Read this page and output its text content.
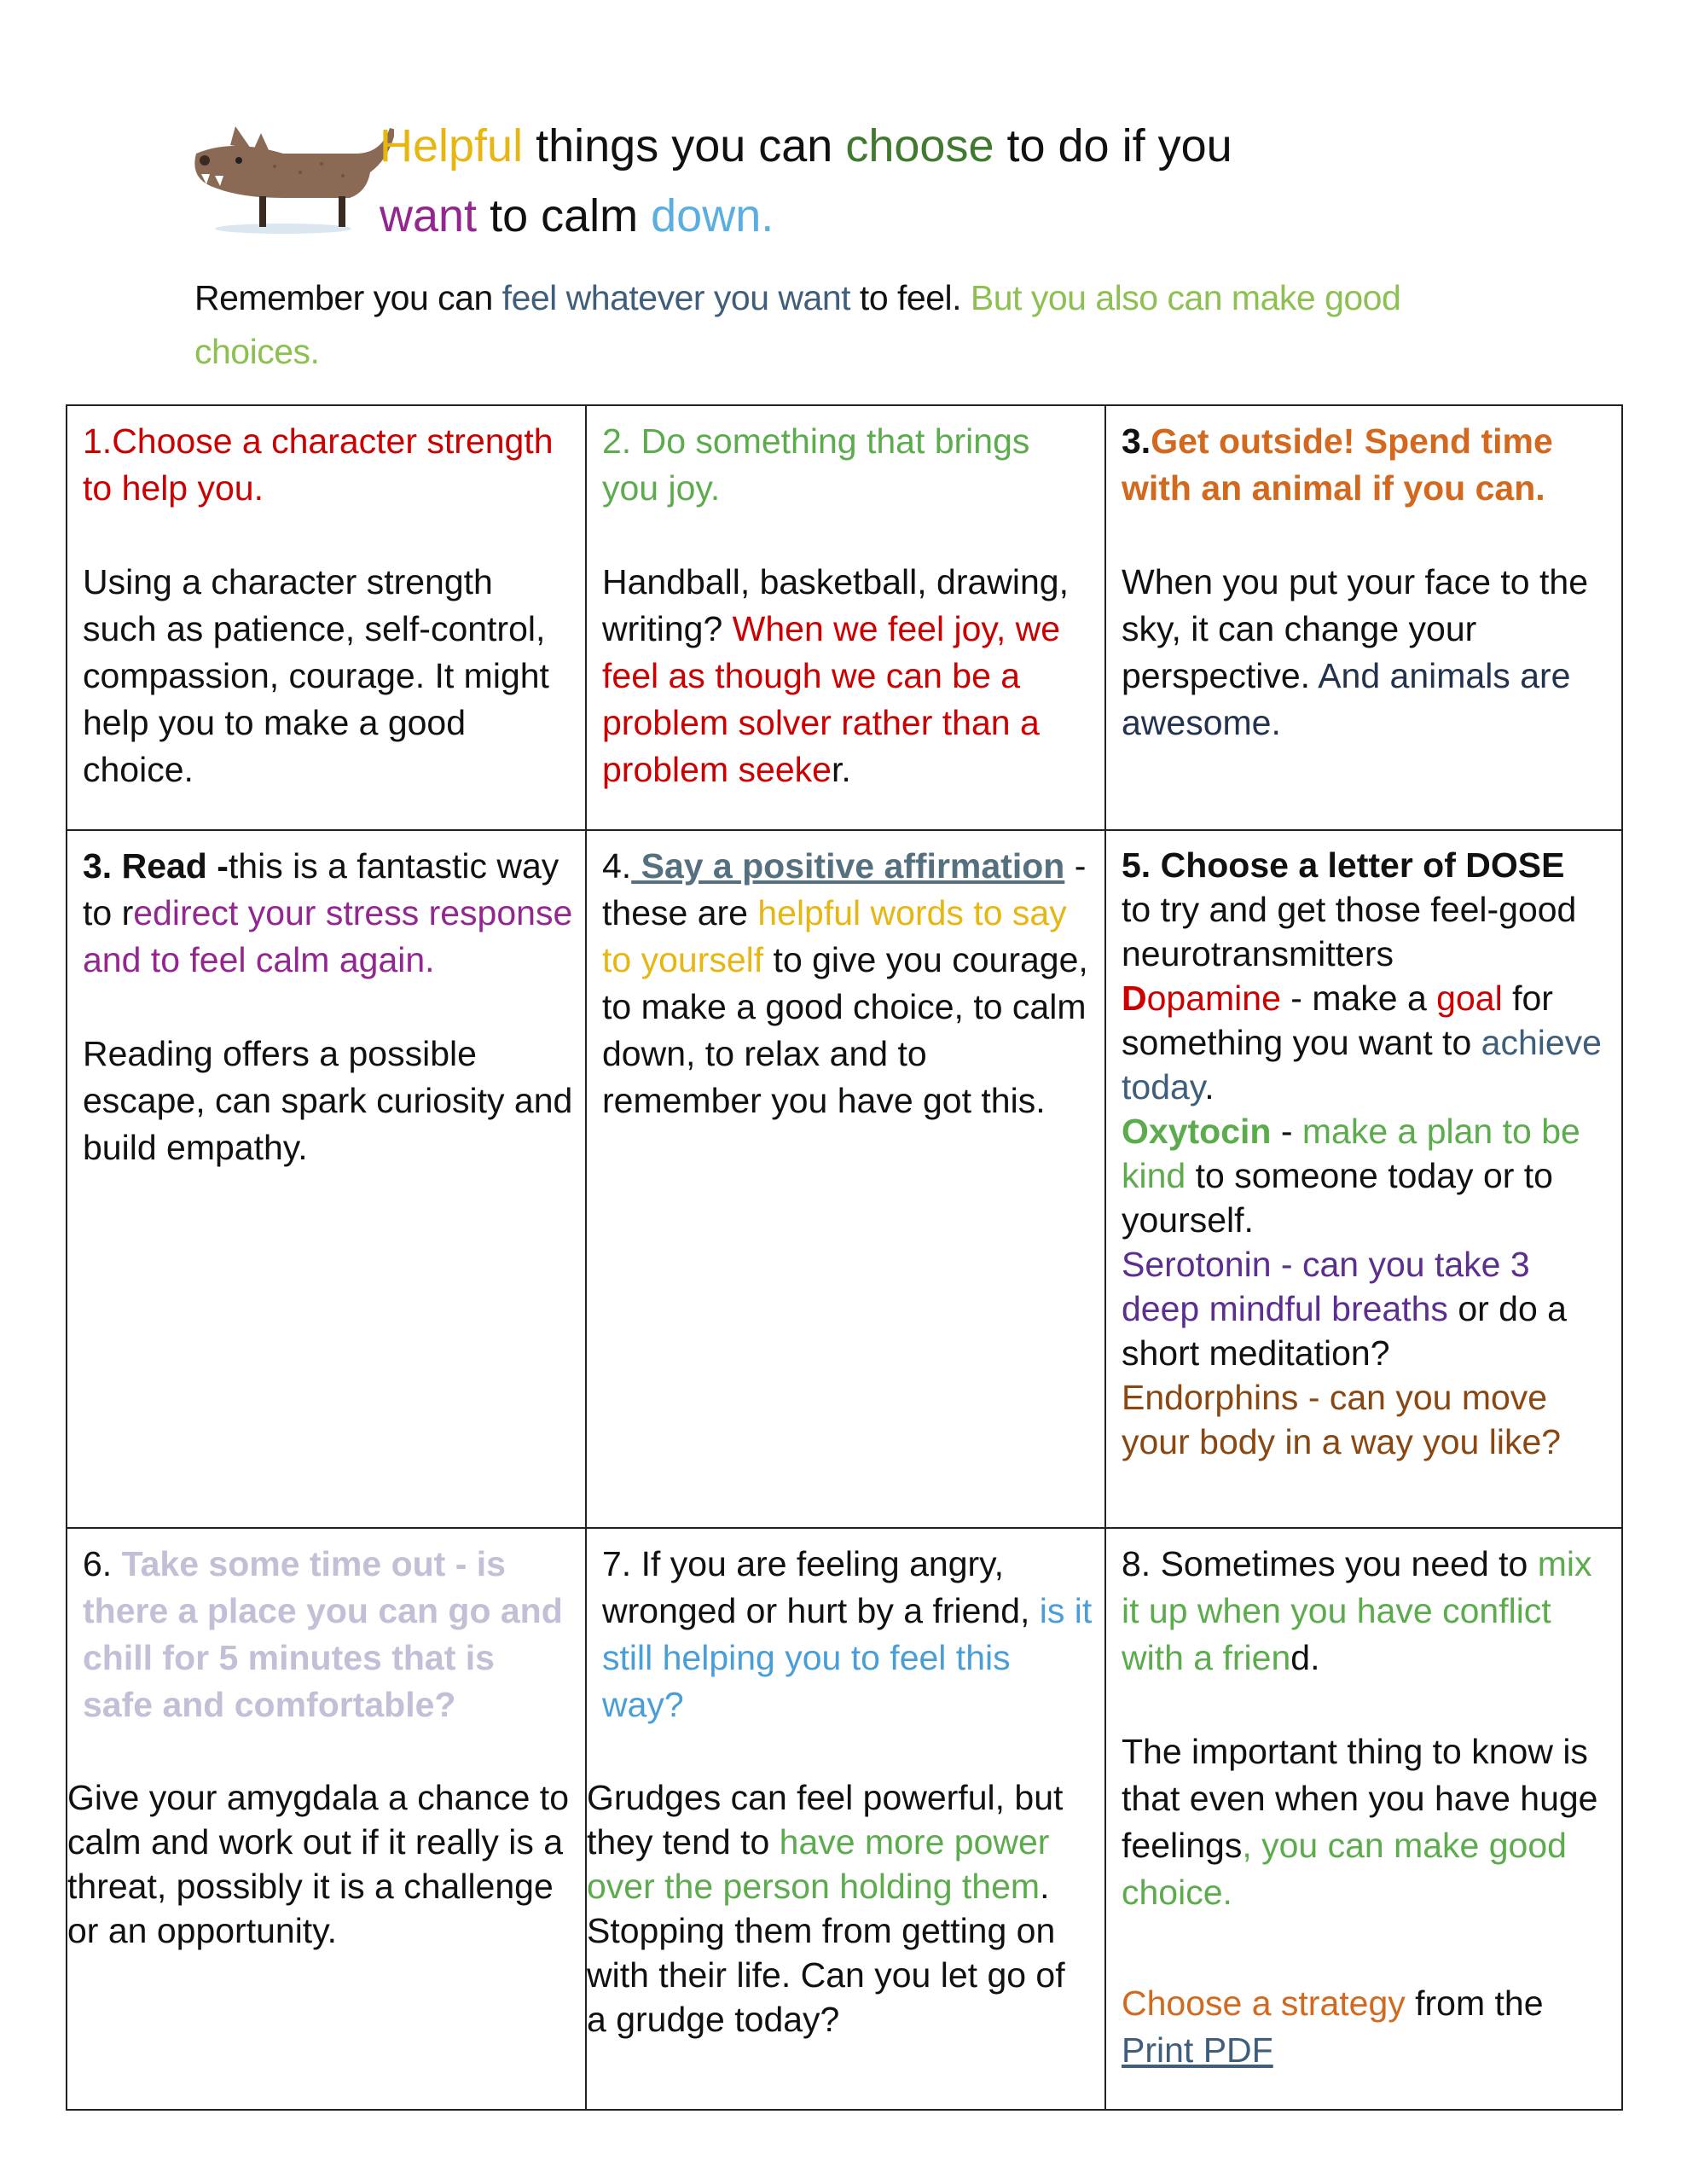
Helpful things you can choose to do if you
want to calm down.
Remember you can feel whatever you want to feel. But you also can make good choices.

1.Choose a character strength to help you.

Using a character strength such as patience, self-control, compassion, courage. It might help you to make a good choice.

2. Do something that brings you joy.

Handball, basketball, drawing, writing? When we feel joy, we feel as though we can be a problem solver rather than a problem seeker.

3.Get outside! Spend time with an animal if you can.

When you put your face to the sky, it can change your perspective. And animals are awesome.

3. Read -this is a fantastic way to redirect your stress response and to feel calm again.

Reading offers a possible escape, can spark curiosity and build empathy.

4. Say a positive affirmation - these are helpful words to say to yourself to give you courage, to make a good choice, to calm down, to relax and to remember you have got this.

5. Choose a letter of DOSE

to try and get those feel-good neurotransmitters

Dopamine - make a goal for something you want to achieve today.

Oxytocin - make a plan to be kind to someone today or to yourself.

Serotonin - can you take 3 deep mindful breaths or do a short meditation?

Endorphins - can you move your body in a way you like?

6. Take some time out - is there a place you can go and chill for 5 minutes that is safe and comfortable?

Give your amygdala a chance to calm and work out if it really is a threat, possibly it is a challenge or an opportunity.

7. If you are feeling angry, wronged or hurt by a friend, is it still helping you to feel this way?

Grudges can feel powerful, but they tend to have more power over the person holding them. Stopping them from getting on with their life. Can you let go of a grudge today?

8. Sometimes you need to mix it up when you have conflict with a friend.

The important thing to know is that even when you have huge feelings, you can make good choice.

Choose a strategy from the Print PDF
